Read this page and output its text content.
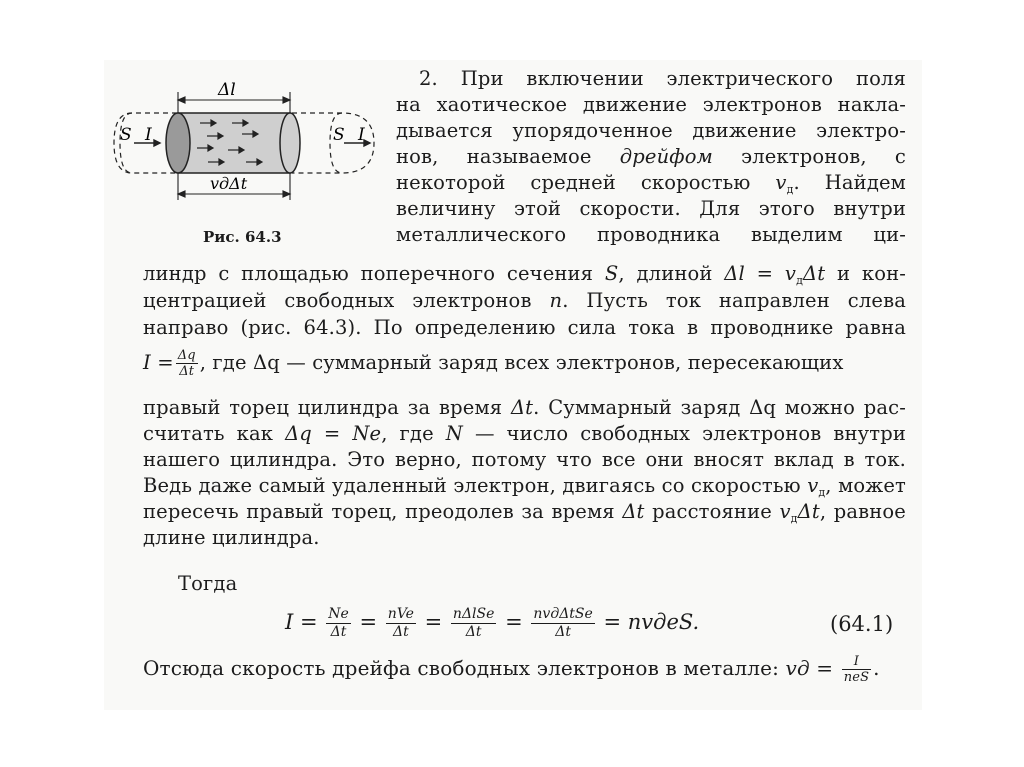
Δl
vдΔt
S I	S I
Рис. 64.3
2. При включении электрического поля
на хаотическое движение электронов накла-
дывается упорядоченное движение электро-
нов, называемое дрейфом электронов, с
некоторой средней скоростью $v_д$. Найдем
величину этой скорости. Для этого внутри
металлического проводника выделим ци-
линдр с площадью поперечного сечения S, длиной $\Delta l = v_д\Delta t$ и кон-
центрацией свободных электронов n. Пусть ток направлен слева
направо (рис. 64.3). По определению сила тока в проводнике равна
$I = \frac{\Delta q}{\Delta t}$ , где Δq — суммарный заряд всех электронов, пересекающих
правый торец цилиндра за время Δt. Суммарный заряд Δq можно рас-
считать как Δq = Ne, где N — число свободных электронов внутри
нашего цилиндра. Это верно, потому что все они вносят вклад в ток.
Ведь даже самый удаленный электрон, двигаясь со скоростью $v_д$, может
пересечь правый торец, преодолев за время Δt расстояние $v_д\Delta t$, равное
длине цилиндра.
Тогда
$I = \frac{Ne}{\Delta t} = \frac{\text{nVe}}{\Delta t} = \frac{\text{nΔlSe}}{\Delta t} = \frac{\text{nvдΔtSe}}{\Delta t}$ = nvдeS.	(64.1)
Отсюда скорость дрейфа свободных электронов в металле: vд = $\frac{I}{\text{neS}}$ .
